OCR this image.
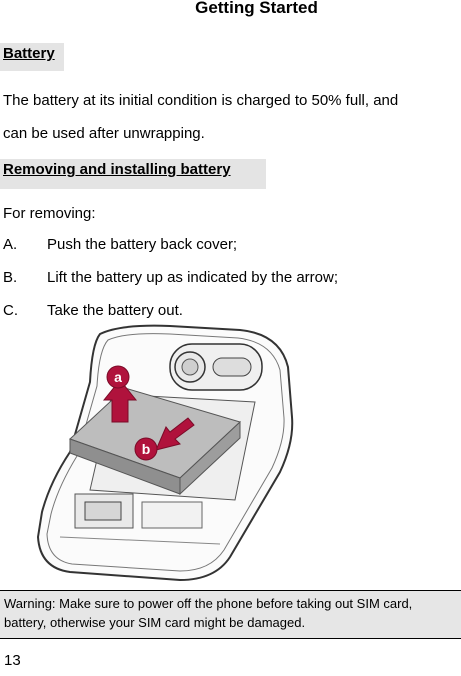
Getting Started
Battery
The battery at its initial condition is charged to 50% full, and
can be used after unwrapping.
Removing and installing battery
For removing:
A. Push the battery back cover;
B. Lift the battery up as indicated by the arrow;
C. Take the battery out.
a
b
Warning: Make sure to power off the phone before taking out SIM card,
battery, otherwise your SIM card might be damaged.
13
